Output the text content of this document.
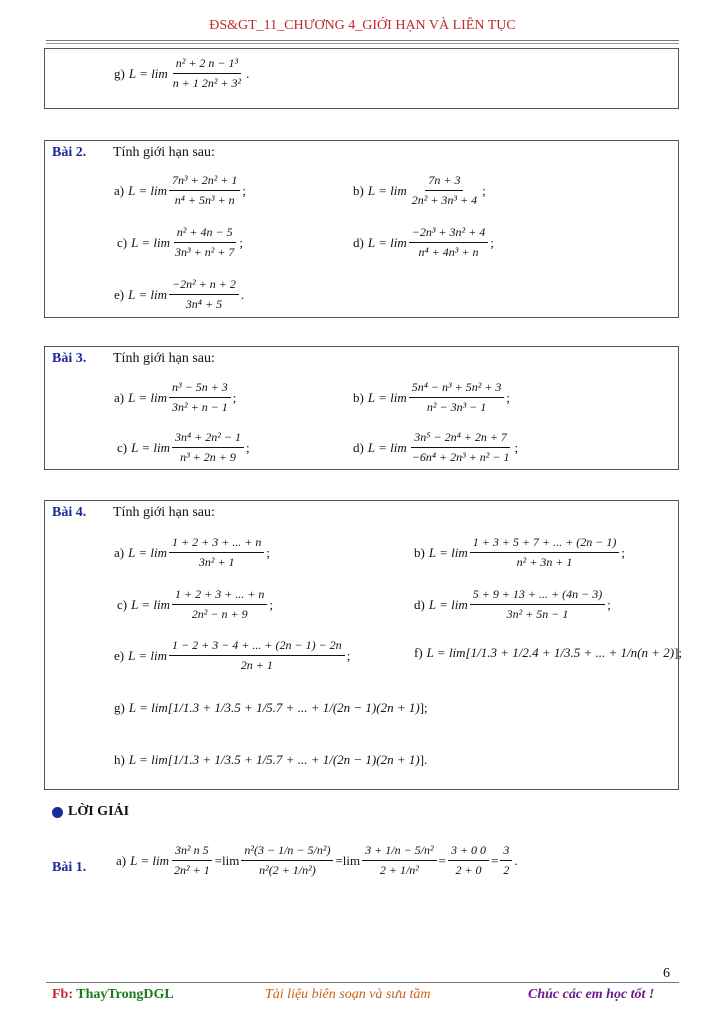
ĐS&GT_11_CHƯƠNG 4_GIỚI HẠN VÀ LIÊN TỤC
g) $L = \lim \frac{\text{n² + 2 n − 1³}}{\text{n + 1 2n² + 3²}}$ .
Bài 2. Tính giới hạn sau:
a) $L = \lim \frac{\text{7n³ + 2n² + 1}}{\text{n⁴ + 5n³ + n}}$ ;	b) $L = \lim \frac{7n + 3}{\text{2n² + 3n³ + 4}}$ ;
c) $L = \lim \frac{\text{n² + 4n − 5}}{\text{3n³ + n² + 7}}$ ;	d) $L = \lim \frac{\text{−2n³ + 3n² + 4}}{\text{n⁴ + 4n³ + n}}$ ;
e) $L = \lim \frac{\text{−2n² + n + 2}}{\text{3n⁴ + 5}}$ .
Bài 3. Tính giới hạn sau:
a) $L = \lim \frac{\text{n³ − 5n + 3}}{\text{3n² + n − 1}}$ ;	b) $L = \lim \frac{\text{5n⁴ − n³ + 5n² + 3}}{\text{n² − 3n³ − 1}}$ ;
c) $L = \lim \frac{\text{3n⁴ + 2n² − 1}}{\text{n³ + 2n + 9}}$ ;	d) $L = \lim \frac{\text{3n⁵ − 2n⁴ + 2n + 7}}{\text{−6n⁴ + 2n³ + n² − 1}}$ ;
Bài 4. Tính giới hạn sau:
a) $L = \lim \frac{1 + 2 + 3 + ... + n}{\text{3n² + 1}}$ ;	b) $L = \lim \frac{1 + 3 + 5 + 7 + ... + (2n - 1)}{\text{n² + 3n + 1}}$ ;
c) $L = \lim \frac{1 + 2 + 3 + ... + n}{\text{2n² − n + 9}}$ ;	d) $L = \lim \frac{5 + 9 + 13 + ... + (4n - 3)}{\text{3n² + 5n − 1}}$ ;
e) $L = \lim \frac{1 - 2 + 3 - 4 + ... + (2n - 1) - 2n}{2n + 1}$ ;	f) L = lim[ 1/1.3 + 1/2.4 + 1/3.5 + ... + 1/n(n + 2) ];
g) L = lim[ 1/1.3 + 1/3.5 + 1/5.7 + ... + 1/(2n − 1)(2n + 1) ];
h) L = lim[ 1/1.3 + 1/3.5 + 1/5.7 + ... + 1/(2n − 1)(2n + 1) ].
LỜI GIẢI
Bài 1. a) $L = \lim \frac{\text{3n² n 5}}{\text{2n² + 1}} = \lim \frac{\text{n²(3 − 1/n − 5/n²)}}{\text{n²(2 + 1/n²)}} = \lim \frac{\text{3 + 1/n − 5/n²}}{\text{2 + 1/n²}} = \frac{3 + 0 0}{2 + 0} = \frac{3}{2}$ .
6
Fb: ThayTrongDGL	Tài liệu biên soạn và sưu tầm	Chúc các em học tốt !
